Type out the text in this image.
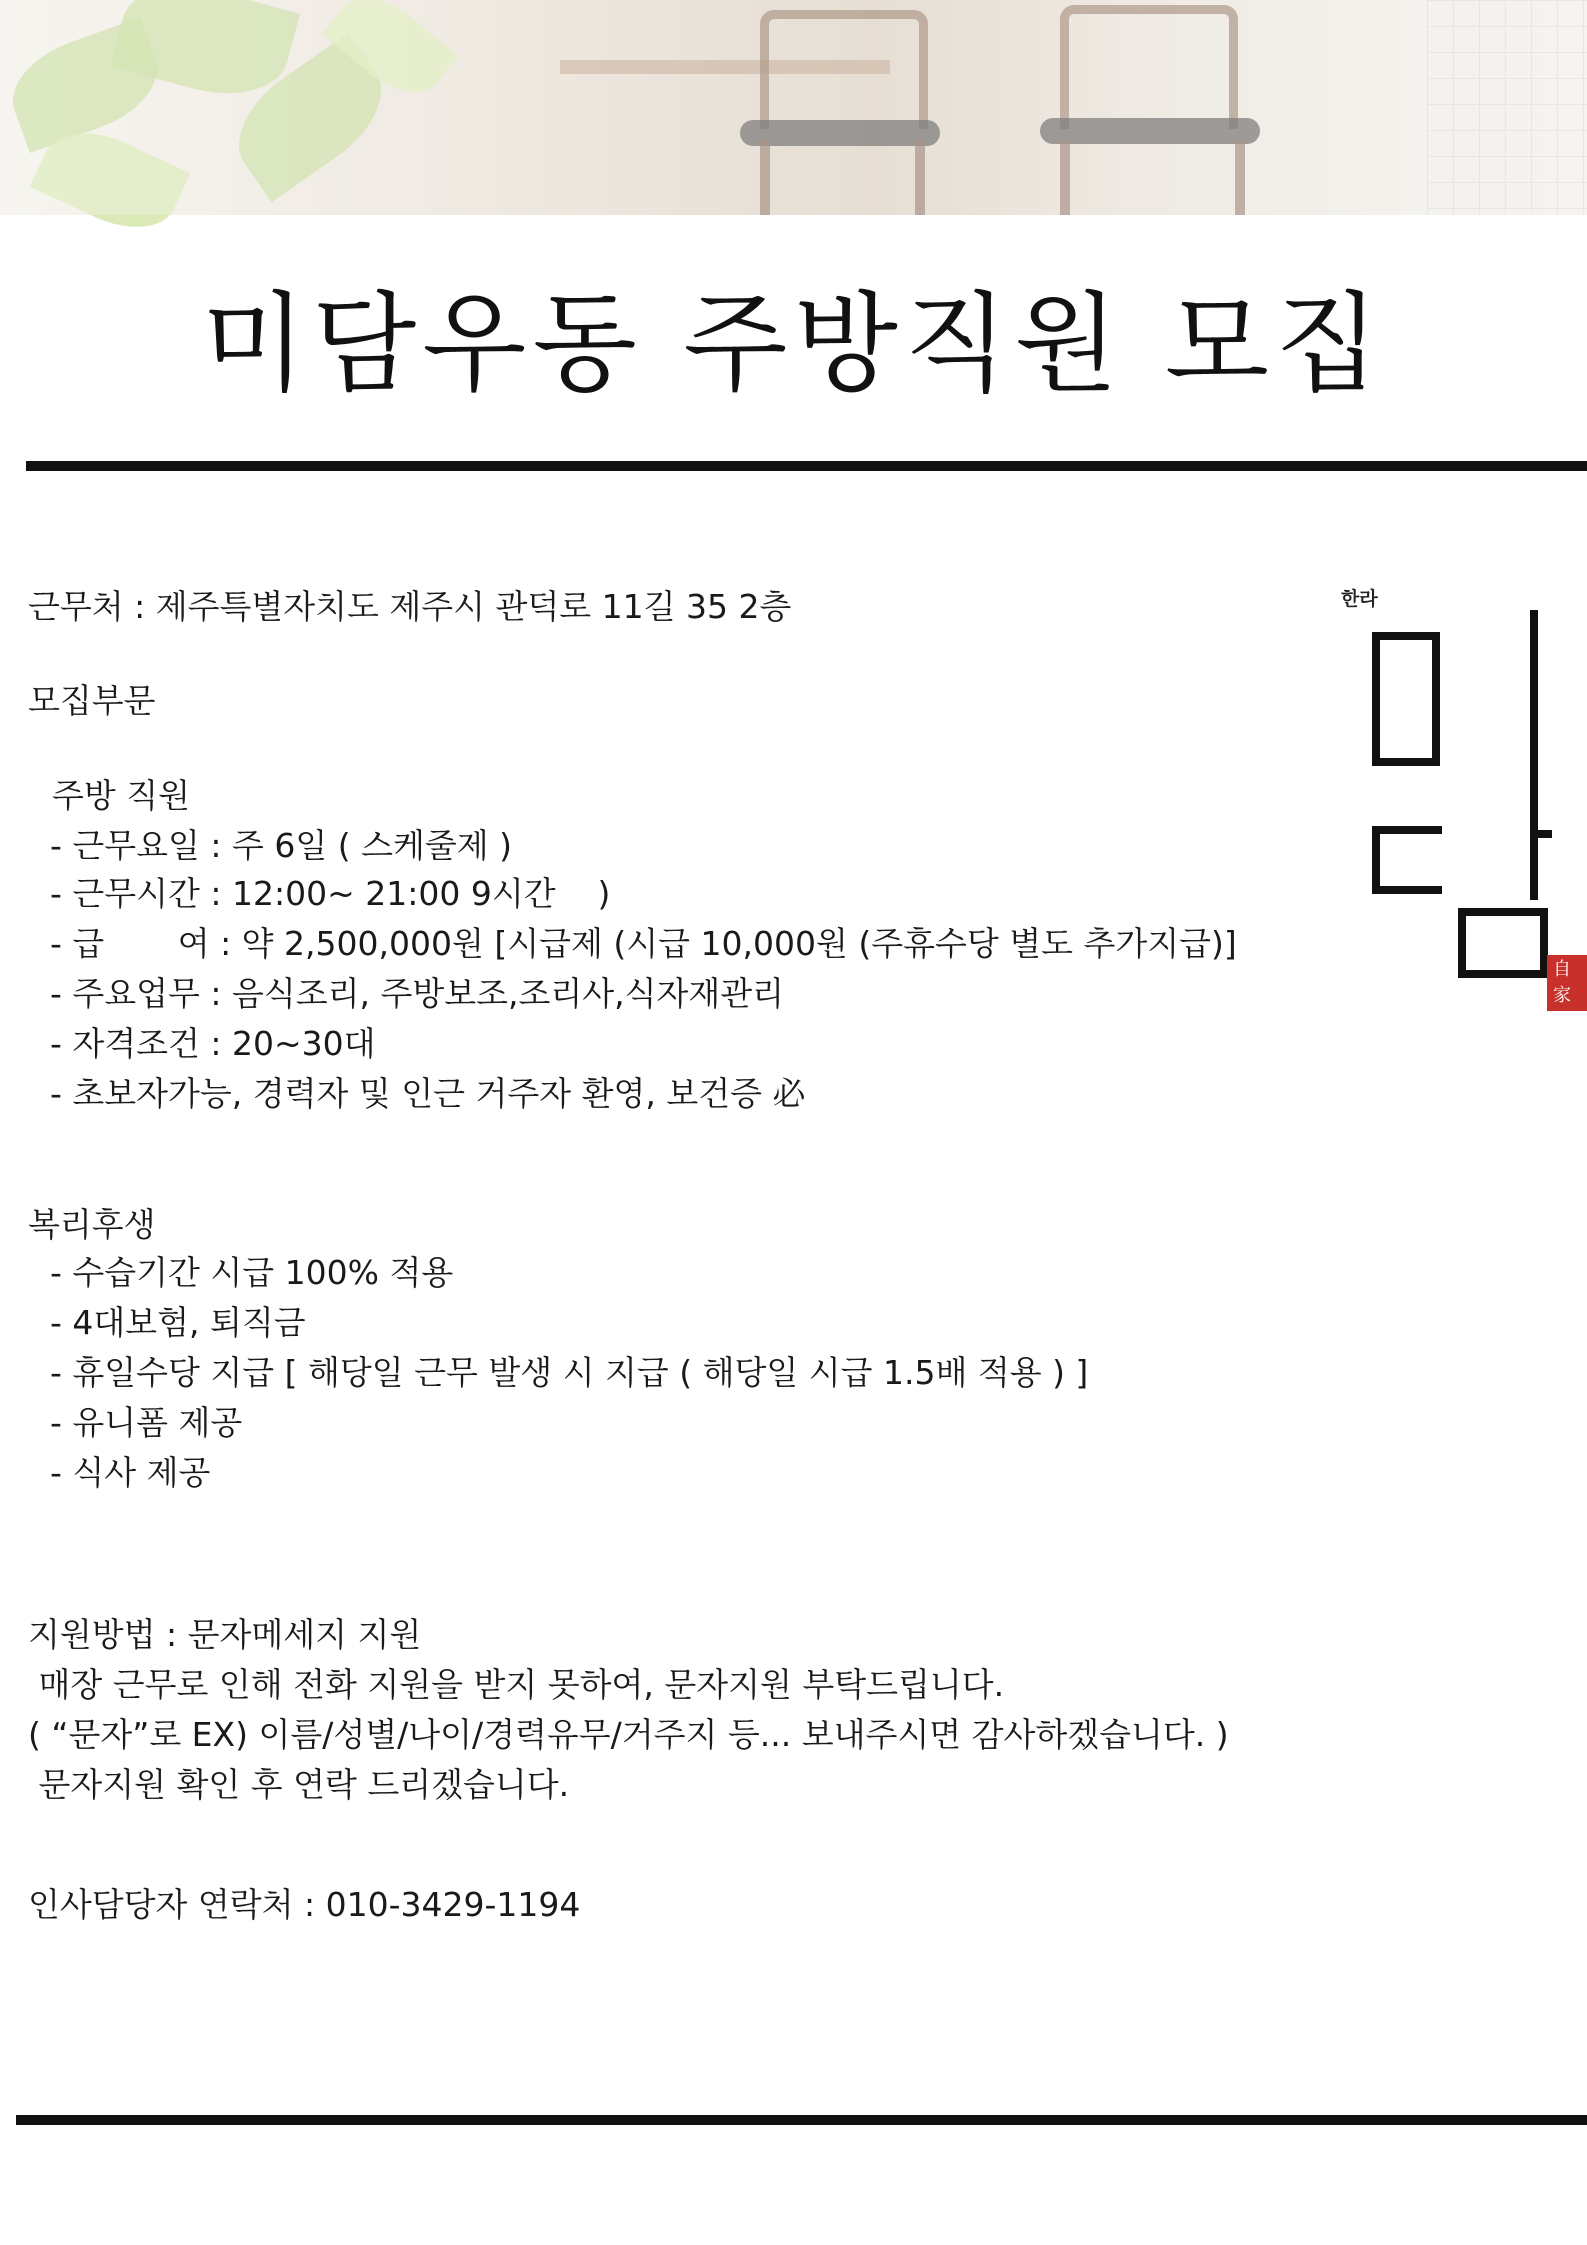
미담우동 주방직원 모집
근무처 : 제주특별자치도 제주시 관덕로 11길 35 2층
모집부문
주방 직원
- 근무요일 : 주 6일 ( 스케줄제 )
- 근무시간 : 12:00~ 21:00 9시간    )
- 급       여 : 약 2,500,000원 [시급제 (시급 10,000원 (주휴수당 별도 추가지급)]
- 주요업무 : 음식조리, 주방보조,조리사,식자재관리
- 자격조건 : 20~30대
- 초보자가능, 경력자 및 인근 거주자 환영, 보건증 必
복리후생
- 수습기간 시급 100% 적용
- 4대보험, 퇴직금
- 휴일수당 지급 [ 해당일 근무 발생 시 지급 ( 해당일 시급 1.5배 적용 ) ]
- 유니폼 제공
- 식사 제공
지원방법 : 문자메세지 지원
매장 근무로 인해 전화 지원을 받지 못하여, 문자지원 부탁드립니다.
( “문자”로 EX) 이름/성별/나이/경력유무/거주지 등... 보내주시면 감사하겠습니다. )
문자지원 확인 후 연락 드리겠습니다.
인사담당자 연락처 : 010-3429-1194
한라
自家製麵
